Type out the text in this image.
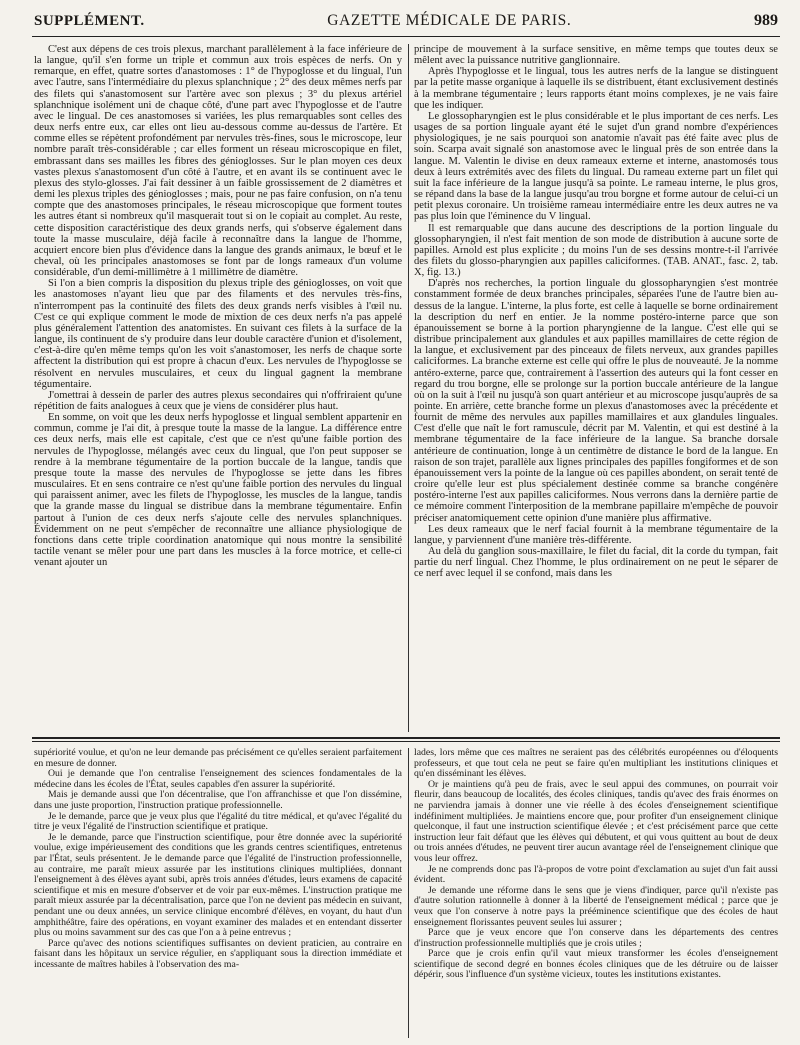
SUPPLÉMENT.	GAZETTE MÉDICALE DE PARIS.	989

C'est aux dépens de ces trois plexus, marchant parallèlement à la face inférieure de la langue, qu'il s'en forme un triple et commun aux trois espèces de nerfs. On y remarque, en effet, quatre sortes d'anastomoses : 1° de l'hypoglosse et du lingual, l'un avec l'autre, sans l'intermédiaire du plexus splanchnique ; 2° des deux mêmes nerfs par des filets qui s'anastomosent sur l'artère avec son plexus ; 3° du plexus artériel splanchnique isolément uni de chaque côté, d'une part avec l'hypoglosse et de l'autre avec le lingual. De ces anastomoses si variées, les plus remarquables sont celles des deux nerfs entre eux, car elles ont lieu au-dessous comme au-dessus de l'artère. Et comme elles se répètent profondément par nervules très-fines, sous le microscope, leur nombre paraît très-considérable ; car elles forment un réseau microscopique en filet, embrassant dans ses mailles les fibres des génioglosses. Sur le plan moyen ces deux vastes plexus s'anastomosent d'un côté à l'autre, et en avant ils se continuent avec le plexus des stylo-glosses. J'ai fait dessiner à un faible grossissement de 2 diamètres et demi les plexus triples des génioglosses ; mais, pour ne pas faire confusion, on n'a tenu compte que des anastomoses principales, le réseau microscopique que forment toutes les autres étant si nombreux qu'il masquerait tout si on le copiait au complet. Au reste, cette disposition caractéristique des deux grands nerfs, qui s'observe également dans toute la masse musculaire, déjà facile à reconnaître dans la langue de l'homme, acquiert encore bien plus d'évidence dans la langue des grands animaux, le bœuf et le cheval, où les principales anastomoses se font par de longs rameaux d'un volume considérable, d'un demi-millimètre à 1 millimètre de diamètre.

Si l'on a bien compris la disposition du plexus triple des génioglosses, on voit que les anastomoses n'ayant lieu que par des filaments et des nervules très-fins, n'interrompent pas la continuité des filets des deux grands nerfs visibles à l'œil nu. C'est ce qui explique comment le mode de mixtion de ces deux nerfs n'a pas appelé plus généralement l'attention des anatomistes. En suivant ces filets à la surface de la langue, ils continuent de s'y produire dans leur double caractère d'union et d'isolement, c'est-à-dire qu'en même temps qu'on les voit s'anastomoser, les nerfs de chaque sorte affectent la distribution qui est propre à chacun d'eux. Les nervules de l'hypoglosse se résolvent en nervules musculaires, et ceux du lingual gagnent la membrane tégumentaire.

J'omettrai à dessein de parler des autres plexus secondaires qui n'offriraient qu'une répétition de faits analogues à ceux que je viens de considérer plus haut.

En somme, on voit que les deux nerfs hypoglosse et lingual semblent appartenir en commun, comme je l'ai dit, à presque toute la masse de la langue. La différence entre ces deux nerfs, mais elle est capitale, c'est que ce n'est qu'une faible portion des nervules de l'hypoglosse, mélangés avec ceux du lingual, que l'on peut supposer se rendre à la membrane tégumentaire de la portion buccale de la langue, tandis que presque toute la masse des nervules de l'hypoglosse se jette dans les fibres musculaires. Et en sens contraire ce n'est qu'une faible portion des nervules du lingual qui paraissent animer, avec les filets de l'hypoglosse, les muscles de la langue, tandis que la grande masse du lingual se distribue dans la membrane tégumentaire. Enfin partout à l'union de ces deux nerfs s'ajoute celle des nervules splanchniques. Évidemment on ne peut s'empêcher de reconnaître une alliance physiologique de fonctions dans cette triple coordination anatomique qui nous montre la sensibilité tactile venant se mêler pour une part dans les muscles à la force motrice, et celle-ci venant ajouter un

principe de mouvement à la surface sensitive, en même temps que toutes deux se mêlent avec la puissance nutritive ganglionnaire.

Après l'hypoglosse et le lingual, tous les autres nerfs de la langue se distinguent par la petite masse organique à laquelle ils se distribuent, étant exclusivement destinés à la membrane tégumentaire ; leurs rapports étant moins complexes, je ne vais faire que les indiquer.

Le glossopharyngien est le plus considérable et le plus important de ces nerfs. Les usages de sa portion linguale ayant été le sujet d'un grand nombre d'expériences physiologiques, je ne sais pourquoi son anatomie n'avait pas été faite avec plus de soin. Scarpa avait signalé son anastomose avec le lingual près de son entrée dans la langue. M. Valentin le divise en deux rameaux externe et interne, anastomosés tous deux à leurs extrémités avec des filets du lingual. Du rameau externe part un filet qui suit la face inférieure de la langue jusqu'à sa pointe. Le rameau interne, le plus gros, se répand dans la base de la langue jusqu'au trou borgne et forme autour de celui-ci un petit plexus coronaire. Un troisième rameau intermédiaire entre les deux autres ne va pas plus loin que l'éminence du V lingual.

Il est remarquable que dans aucune des descriptions de la portion linguale du glossopharyngien, il n'est fait mention de son mode de distribution à aucune sorte de papilles. Arnold est plus explicite ; du moins l'un de ses dessins montre-t-il l'arrivée des filets du glosso-pharyngien aux papilles caliciformes. (TAB. ANAT., fasc. 2, tab. X, fig. 13.)

D'après nos recherches, la portion linguale du glossopharyngien s'est montrée constamment formée de deux branches principales, séparées l'une de l'autre bien au-dessus de la langue. L'interne, la plus forte, est celle à laquelle se borne ordinairement la description du nerf en entier. Je la nomme postéro-interne parce que son épanouissement se borne à la portion pharyngienne de la langue. C'est elle qui se distribue principalement aux glandules et aux papilles mamillaires de cette région de la langue, et exclusivement par des pinceaux de filets nerveux, aux grandes papilles caliciformes. La branche externe est celle qui offre le plus de nouveauté. Je la nomme antéro-externe, parce que, contrairement à l'assertion des auteurs qui la font cesser en regard du trou borgne, elle se prolonge sur la portion buccale antérieure de la langue où on la suit à l'œil nu jusqu'à son quart antérieur et au microscope jusqu'auprès de sa pointe. En arrière, cette branche forme un plexus d'anastomoses avec la précédente et fournit de même des nervules aux papilles mamillaires et aux glandules linguales. C'est d'elle que naît le fort ramuscule, décrit par M. Valentin, et qui est destiné à la membrane tégumentaire de la face inférieure de la langue. Sa branche dorsale antérieure de continuation, longe à un centimètre de distance le bord de la langue. En raison de son trajet, parallèle aux lignes principales des papilles fongiformes et de son épanouissement vers la pointe de la langue où ces papilles abondent, on serait tenté de croire qu'elle leur est plus spécialement destinée comme sa branche congénère postéro-interne l'est aux papilles caliciformes. Nous verrons dans la dernière partie de ce mémoire comment l'interposition de la membrane papillaire m'empêche de pouvoir préciser anatomiquement cette opinion d'une manière plus affirmative.

Les deux rameaux que le nerf facial fournit à la membrane tégumentaire de la langue, y parviennent d'une manière très-différente.

Au delà du ganglion sous-maxillaire, le filet du facial, dit la corde du tympan, fait partie du nerf lingual. Chez l'homme, le plus ordinairement on ne peut le séparer de ce nerf avec lequel il se confond, mais dans les

supériorité voulue, et qu'on ne leur demande pas précisément ce qu'elles seraient parfaitement en mesure de donner.

Oui je demande que l'on centralise l'enseignement des sciences fondamentales de la médecine dans les écoles de l'État, seules capables d'en assurer la supériorité.

Mais je demande aussi que l'on décentralise, que l'on affranchisse et que l'on dissémine, dans une juste proportion, l'instruction pratique professionnelle.

Je le demande, parce que je veux plus que l'égalité du titre médical, et qu'avec l'égalité du titre je veux l'égalité de l'instruction scientifique et pratique.

Je le demande, parce que l'instruction scientifique, pour être donnée avec la supériorité voulue, exige impérieusement des conditions que les grands centres scientifiques, entretenus par l'État, seuls présentent. Je le demande parce que l'égalité de l'instruction professionnelle, au contraire, me paraît mieux assurée par les institutions cliniques multipliées, donnant l'enseignement à des élèves ayant subi, après trois années d'études, leurs examens de capacité scientifique et mis en mesure d'observer et de voir par eux-mêmes. L'instruction pratique me paraît mieux assurée par la décentralisation, parce que l'on ne devient pas médecin en suivant, pendant une ou deux années, un service clinique encombré d'élèves, en voyant, du haut d'un amphithéâtre, faire des opérations, en voyant examiner des malades et en entendant disserter plus ou moins savamment sur des cas que l'on a à peine entrevus ;

Parce qu'avec des notions scientifiques suffisantes on devient praticien, au contraire en faisant dans les hôpitaux un service régulier, en s'appliquant sous la direction immédiate et incessante de maîtres habiles à l'observation des ma-

lades, lors même que ces maîtres ne seraient pas des célébrités européennes ou d'éloquents professeurs, et que tout cela ne peut se faire qu'en multipliant les institutions cliniques et qu'en disséminant les élèves.

Or je maintiens qu'à peu de frais, avec le seul appui des communes, on pourrait voir fleurir, dans beaucoup de localités, des écoles cliniques, tandis qu'avec des frais énormes on ne parviendra jamais à donner une vie réelle à des écoles d'enseignement scientifique indéfiniment multipliées. Je maintiens encore que, pour profiter d'un enseignement clinique quelconque, il faut une instruction scientifique élevée ; et c'est précisément parce que cette instruction leur fait défaut que les élèves qui débutent, et qui vous quittent au bout de deux ou trois années d'études, ne peuvent tirer aucun avantage réel de l'enseignement clinique que vous leur offrez.

Je ne comprends donc pas l'à-propos de votre point d'exclamation au sujet d'un fait aussi évident.

Je demande une réforme dans le sens que je viens d'indiquer, parce qu'il n'existe pas d'autre solution rationnelle à donner à la liberté de l'enseignement médical ; parce que je veux que l'on conserve à notre pays la prééminence scientifique que des écoles de haut enseignement florissantes peuvent seules lui assurer ;

Parce que je veux encore que l'on conserve dans les départements des centres d'instruction professionnelle multipliés que je crois utiles ;

Parce que je crois enfin qu'il vaut mieux transformer les écoles d'enseignement scientifique de second degré en bonnes écoles cliniques que de les détruire ou de laisser dépérir, sous l'influence d'un système vicieux, toutes les institutions existantes.
